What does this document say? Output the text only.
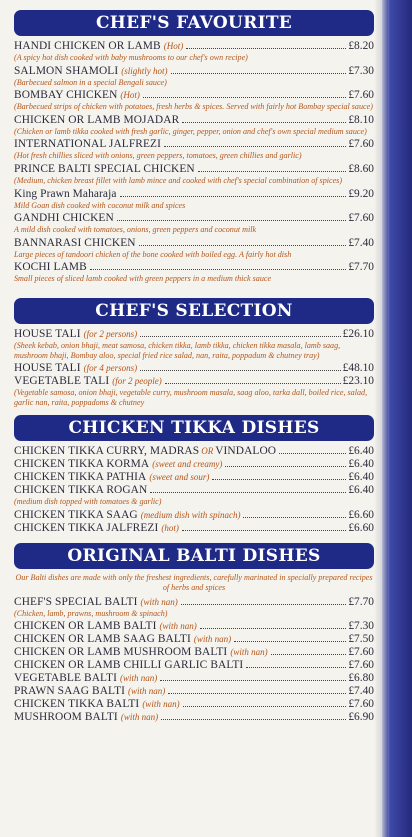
CHEF'S FAVOURITE
HANDI CHICKEN OR LAMB (Hot)	£8.20
(A spicy hot dish cooked with baby mushrooms to our chef's own recipe)
SALMON SHAMOLI (slightly hot)	£7.30
(Barbecued salmon in a special Bengali sauce)
BOMBAY CHICKEN (Hot)	£7.60
(Barbecued strips of chicken with potatoes, fresh herbs & spices. Served with fairly hot Bombay special sauce)
CHICKEN OR LAMB MOJADAR	£8.10
(Chicken or lamb tikka cooked with fresh garlic, ginger, pepper, onion and chef's own special medium sauce)
INTERNATIONAL JALFREZI	£7.60
(Hot fresh chillies sliced with onions, green peppers, tomatoes, green chillies and garlic)
PRINCE BALTI SPECIAL CHICKEN	£8.60
(Medium, chicken breast fillet with lamb mince and cooked with chef's special combination of spices)
King Prawn Maharaja	£9.20
Mild Goan dish cooked with coconut milk and spices
GANDHI CHICKEN	£7.60
A mild dish cooked with tomatoes, onions, green peppers and coconut milk
BANNARASI CHICKEN	£7.40
Large pieces of tandoori chicken of the bone cooked with boiled egg. A fairly hot dish
KOCHI LAMB	£7.70
Small pieces of sliced lamb cooked with green peppers in a medium thick sauce
CHEF'S SELECTION
HOUSE TALI (for 2 persons)	£26.10
(Sheek kebab, onion bhaji, meat samosa, chicken tikka, lamb tikka, chicken tikka masala, lamb saag, mushroom bhaji, Bombay aloo, special fried rice salad, nan, raita, poppadum & chutney tray)
HOUSE TALI (for 4 persons)	£48.10
VEGETABLE TALI (for 2 people)	£23.10
(Vegetable samosa, onion bhaji, vegetable curry, mushroom masala, saag aloo, tarka dall, boiled rice, salad, garlic nan, raita, poppadoms & chutney
CHICKEN TIKKA DISHES
CHICKEN TIKKA CURRY, MADRAS OR VINDALOO	£6.40
CHICKEN TIKKA KORMA (sweet and creamy)	£6.40
CHICKEN TIKKA PATHIA (sweet and sour)	£6.40
CHICKEN TIKKA ROGAN	£6.40
(medium dish topped with tomatoes & garlic)
CHICKEN TIKKA SAAG (medium dish with spinach)	£6.60
CHICKEN TIKKA JALFREZI (hot)	£6.60
ORIGINAL BALTI DISHES
Our Balti dishes are made with only the freshest ingredients, carefully marinated in specially prepared recipes of herbs and spices
CHEF'S SPECIAL BALTI (with nan)	£7.70
(Chicken, lamb, prawns, mushroom & spinach)
CHICKEN OR LAMB BALTI (with nan)	£7.30
CHICKEN OR LAMB SAAG BALTI (with nan)	£7.50
CHICKEN OR LAMB MUSHROOM BALTI (with nan)	£7.60
CHICKEN OR LAMB CHILLI GARLIC BALTI	£7.60
VEGETABLE BALTI (with nan)	£6.80
PRAWN SAAG BALTI (with nan)	£7.40
CHICKEN TIKKA BALTI (with nan)	£7.60
MUSHROOM BALTI (with nan)	£6.90
